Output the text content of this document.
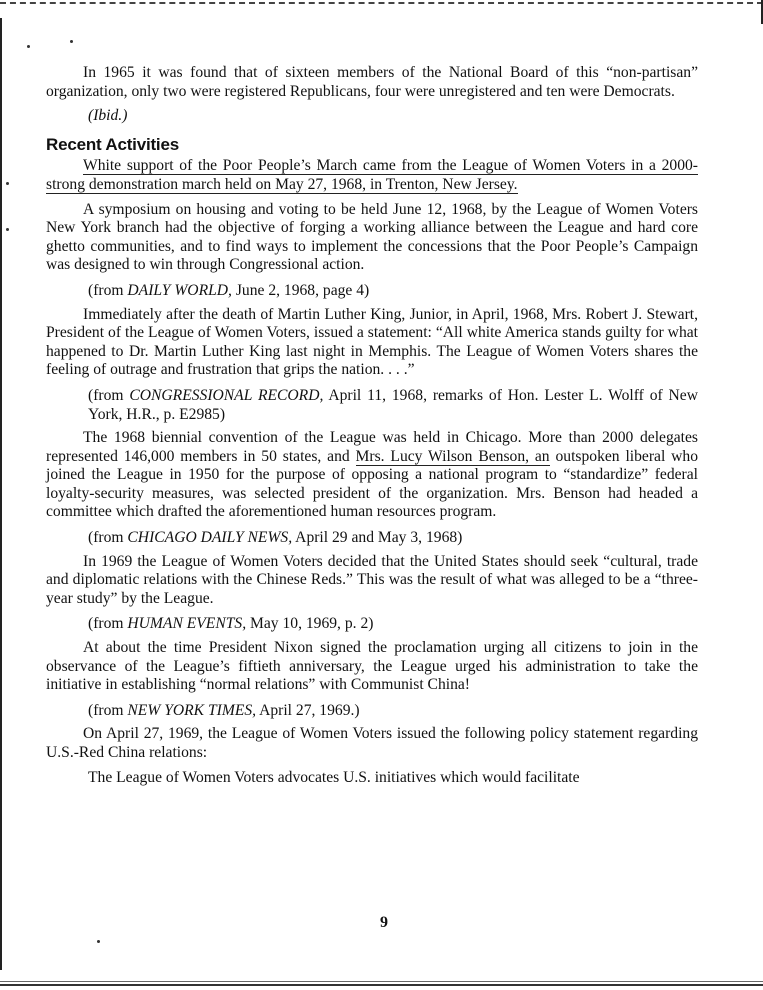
In 1965 it was found that of sixteen members of the National Board of this “non-partisan” organization, only two were registered Republicans, four were unregistered and ten were Democrats.

(Ibid.)

Recent Activities

White support of the Poor People’s March came from the League of Women Voters in a 2000-strong demonstration march held on May 27, 1968, in Trenton, New Jersey.

A symposium on housing and voting to be held June 12, 1968, by the League of Women Voters New York branch had the objective of forging a working alliance between the League and hard core ghetto communities, and to find ways to implement the concessions that the Poor People’s Campaign was designed to win through Congressional action.

(from DAILY WORLD, June 2, 1968, page 4)

Immediately after the death of Martin Luther King, Junior, in April, 1968, Mrs. Robert J. Stewart, President of the League of Women Voters, issued a statement: “All white America stands guilty for what happened to Dr. Martin Luther King last night in Memphis. The League of Women Voters shares the feeling of outrage and frustration that grips the nation. . . .”

(from CONGRESSIONAL RECORD, April 11, 1968, remarks of Hon. Lester L. Wolff of New York, H.R., p. E2985)

The 1968 biennial convention of the League was held in Chicago. More than 2000 delegates represented 146,000 members in 50 states, and Mrs. Lucy Wilson Benson, an outspoken liberal who joined the League in 1950 for the purpose of opposing a national program to “standardize” federal loyalty-security measures, was selected president of the organization. Mrs. Benson had headed a committee which drafted the aforementioned human resources program.

(from CHICAGO DAILY NEWS, April 29 and May 3, 1968)

In 1969 the League of Women Voters decided that the United States should seek “cultural, trade and diplomatic relations with the Chinese Reds.” This was the result of what was alleged to be a “three-year study” by the League.

(from HUMAN EVENTS, May 10, 1969, p. 2)

At about the time President Nixon signed the proclamation urging all citizens to join in the observance of the League’s fiftieth anniversary, the League urged his administration to take the initiative in establishing “normal relations” with Communist China!

(from NEW YORK TIMES, April 27, 1969.)

On April 27, 1969, the League of Women Voters issued the following policy statement regarding U.S.-Red China relations:

The League of Women Voters advocates U.S. initiatives which would facilitate

9
